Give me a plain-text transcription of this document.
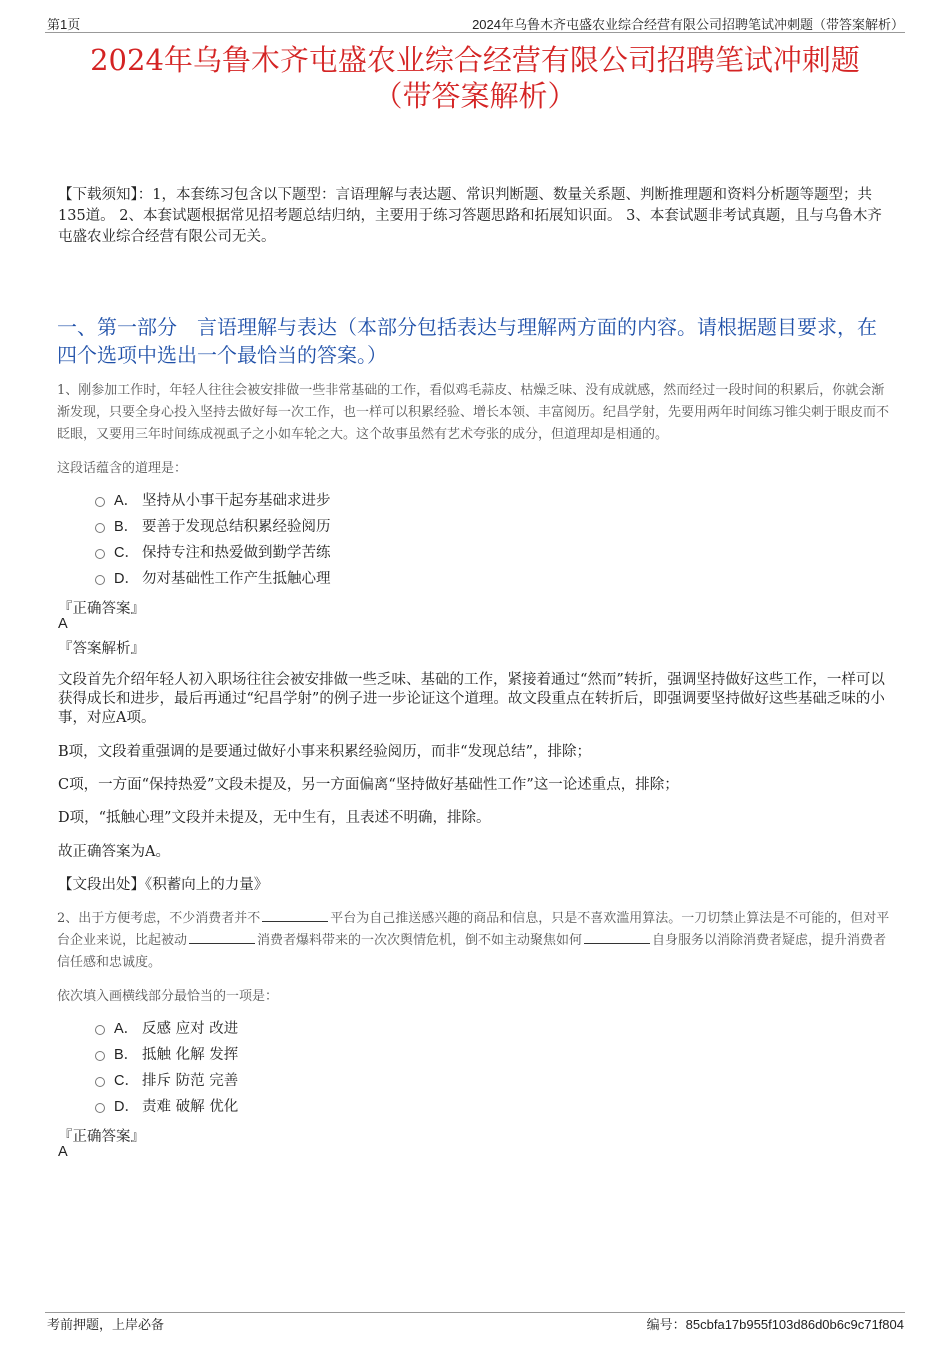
第1页	2024年乌鲁木齐屯盛农业综合经营有限公司招聘笔试冲刺题（带答案解析）
2024年乌鲁木齐屯盛农业综合经营有限公司招聘笔试冲刺题
（带答案解析）
【下载须知】：1，本套练习包含以下题型：言语理解与表达题、常识判断题、数量关系题、判断推理题和资料分析题等题型；共135道。 2、本套试题根据常见招考题总结归纳，主要用于练习答题思路和拓展知识面。 3、本套试题非考试真题，且与乌鲁木齐屯盛农业综合经营有限公司无关。
一、第一部分　言语理解与表达（本部分包括表达与理解两方面的内容。请根据题目要求，在四个选项中选出一个最恰当的答案。）
1、刚参加工作时，年轻人往往会被安排做一些非常基础的工作，看似鸡毛蒜皮、枯燥乏味、没有成就感，然而经过一段时间的积累后，你就会渐渐发现，只要全身心投入坚持去做好每一次工作，也一样可以积累经验、增长本领、丰富阅历。纪昌学射，先要用两年时间练习锥尖刺于眼皮而不眨眼，又要用三年时间练成视虱子之小如车轮之大。这个故事虽然有艺术夸张的成分，但道理却是相通的。
这段话蕴含的道理是：
A． 坚持从小事干起夯基础求进步
B． 要善于发现总结积累经验阅历
C． 保持专注和热爱做到勤学苦练
D． 勿对基础性工作产生抵触心理
『正确答案』
A
『答案解析』
文段首先介绍年轻人初入职场往往会被安排做一些乏味、基础的工作，紧接着通过“然而”转折，强调坚持做好这些工作，一样可以获得成长和进步，最后再通过“纪昌学射”的例子进一步论证这个道理。故文段重点在转折后，即强调要坚持做好这些基础乏味的小事，对应A项。
B项，文段着重强调的是要通过做好小事来积累经验阅历，而非“发现总结”，排除；
C项，一方面“保持热爱”文段未提及，另一方面偏离“坚持做好基础性工作”这一论述重点，排除；
D项，“抵触心理”文段并未提及，无中生有，且表述不明确，排除。
故正确答案为A。
【文段出处】《积蓄向上的力量》
2、出于方便考虑，不少消费者并不	平台为自己推送感兴趣的商品和信息，只是不喜欢滥用算法。一刀切禁止算法是不可能的，但对平台企业来说，比起被动	消费者爆料带来的一次次舆情危机，倒不如主动聚焦如何	自身服务以消除消费者疑虑，提升消费者信任感和忠诚度。
依次填入画横线部分最恰当的一项是：
A． 反感 应对 改进
B． 抵触 化解 发挥
C． 排斥 防范 完善
D． 责难 破解 优化
『正确答案』
A
考前押题，上岸必备	编号：85cbfa17b955f103d86d0b6c9c71f804
